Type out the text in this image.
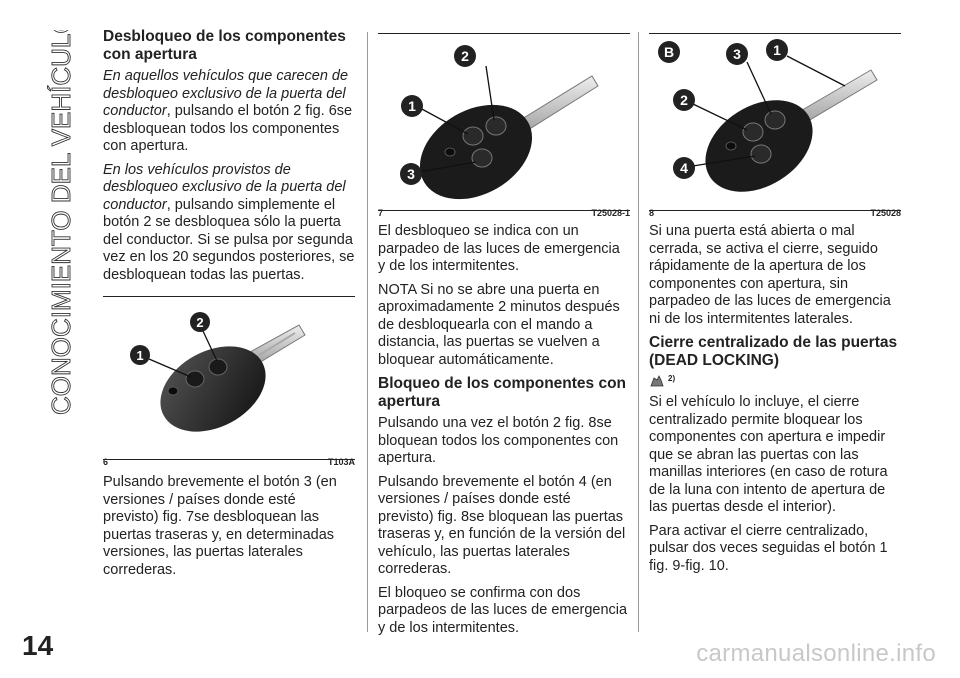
CONOCIMIENTO DEL VEHÍCULO Desbloqueo de los componentes con apertura

En aquellos vehículos que carecen de desbloqueo exclusivo de la puerta del conductor, pulsando el botón 2 fig. 6se desbloquean todos los componentes con apertura.

En los vehículos provistos de desbloqueo exclusivo de la puerta del conductor, pulsando simplemente el botón 2 se desbloquea sólo la puerta del conductor. Si se pulsa por segunda vez en los 20 segundos posteriores, se desbloquean todas las puertas.

1
2
6	T103A

Pulsando brevemente el botón 3 (en versiones / países donde esté previsto) fig. 7se desbloquean las puertas traseras y, en determinadas versiones, las puertas laterales correderas.

2
1
3
7	T25028-1

El desbloqueo se indica con un parpadeo de las luces de emergencia y de los intermitentes.

NOTA Si no se abre una puerta en aproximadamente 2 minutos después de desbloquearla con el mando a distancia, las puertas se vuelven a bloquear automáticamente.

Bloqueo de los componentes con apertura

Pulsando una vez el botón 2 fig. 8se bloquean todos los componentes con apertura.

Pulsando brevemente el botón 4 (en versiones / países donde esté previsto) fig. 8se bloquean las puertas traseras y, en función de la versión del vehículo, las puertas laterales correderas.

El bloqueo se confirma con dos parpadeos de las luces de emergencia y de los intermitentes.

B	3 1
2
4
8	T25028

Si una puerta está abierta o mal cerrada, se activa el cierre, seguido rápidamente de la apertura de los componentes con apertura, sin parpadeo de las luces de emergencia ni de los intermitentes laterales.

Cierre centralizado de las puertas (DEAD LOCKING)
2)

Si el vehículo lo incluye, el cierre centralizado permite bloquear los componentes con apertura e impedir que se abran las puertas con las manillas interiores (en caso de rotura de la luna con intento de apertura de las puertas desde el interior).

Para activar el cierre centralizado, pulsar dos veces seguidas el botón 1 fig. 9-fig. 10.

14	carmanualsonline.info
